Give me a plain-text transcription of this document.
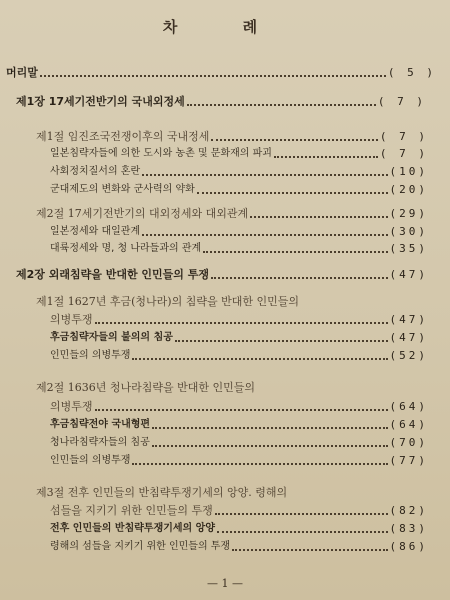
차 례
머리말	( 5 )
제1장 17세기전반기의 국내외정세	( 7 )
제1절 임진조국전쟁이후의 국내정세	( 7 )
일본침략자들에 의한 도시와 농촌 및 문화재의 파괴	( 7 )
사회정치질서의 혼란	(10)
군대제도의 변화와 군사력의 약화	(20)
제2절 17세기전반기의 대외정세와 대외관계	(29)
일본정세와 대일관계	(30)
대륙정세와 명, 청 나라들과의 관계	(35)
제2장 외래침략을 반대한 인민들의 투쟁	(47)
제1절 1627년 후금(청나라)의 침략을 반대한 인민들의
의병투쟁	(47)
후금침략자들의 불의의 침공	(47)
인민들의 의병투쟁	(52)
제2절 1636년 청나라침략을 반대한 인민들의
의병투쟁	(64)
후금침략전야 국내형편	(64)
청나라침략자들의 침공	(70)
인민들의 의병투쟁	(77)
제3절 전후 인민들의 반침략투쟁기세의 앙양. 령해의
섬들을 지키기 위한 인민들의 투쟁	(82)
전후 인민들의 반침략투쟁기세의 앙양	(83)
령해의 섬들을 지키기 위한 인민들의 투쟁	(86)
— 1 —
